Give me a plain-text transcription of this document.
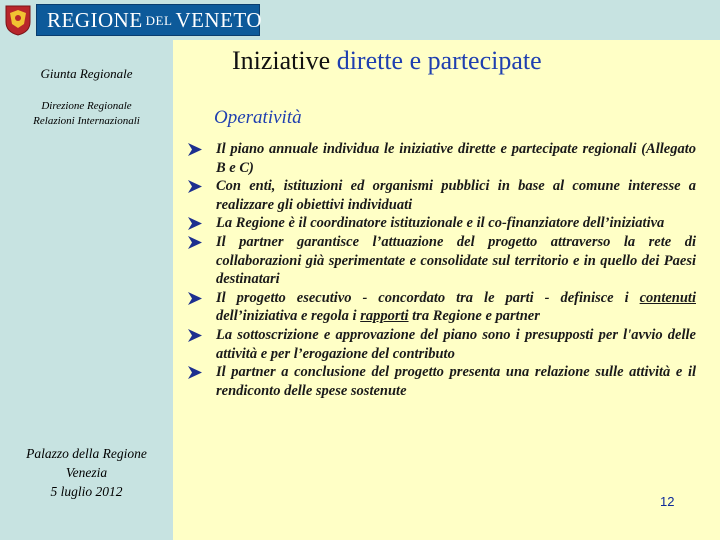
REGIONE DEL VENETO
Giunta Regionale
Direzione Regionale
Relazioni Internazionali
Palazzo della Regione
Venezia
5 luglio 2012
Iniziative dirette e partecipate
Operatività
Il piano annuale individua le iniziative dirette e partecipate regionali (Allegato B e C)
Con enti, istituzioni ed organismi pubblici in base al comune interesse a realizzare gli obiettivi individuati
La Regione è il coordinatore istituzionale e il co-finanziatore dell’iniziativa
Il partner garantisce l’attuazione del progetto attraverso la rete di collaborazioni già sperimentate e consolidate sul territorio e in quello dei Paesi destinatari
Il progetto esecutivo - concordato tra le parti - definisce i contenuti dell’iniziativa e regola i rapporti tra Regione e partner
La sottoscrizione e approvazione del piano sono i presupposti per l'avvio delle attività e per l’erogazione del contributo
Il partner a conclusione del progetto presenta una relazione sulle attività e il rendiconto delle spese sostenute
12
